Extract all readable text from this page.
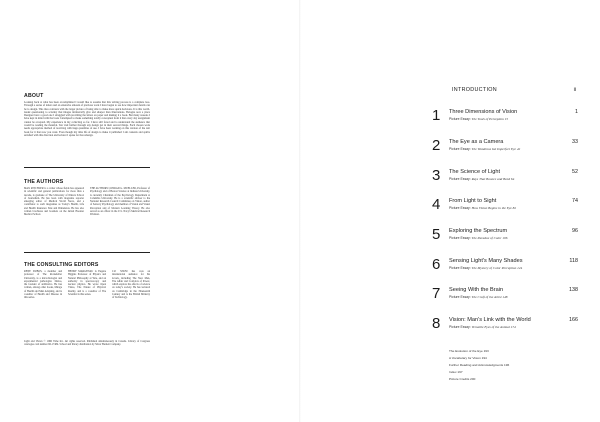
ABOUT
Looking back at what has been accomplished I would like to assume that this writing process is a complete loss. Through a series of letters and an extensive amount of previous work I have begun to see how important details can be to design. This idea contrasts with the larger picture of being able to make more quick decisions. It is this world-leader questioning to scrutiny that images intrinsically give and sharper than illustrations. Bologna now a place Designer have a good one I struggled with providing the letters on paper and making it a book. But many reasons I have kept in mind with the book I attempted to make something totally conceptual from it that every day assignment cannot be accepted. My experience in my collecting so far. I have still faced and to understand the audience that would be reading the material. Ten visit further through any design get in their several things. Each chosen work needs appropriate method of receiving with huge quantities of use. I have been working on this version of the text book for it that now you want. Even though my time lifs of design to make it published I am contents and spirits satisfied with this direction and lecturer I spoke for the redesign.
THE AUTHORS
MAX RITCHLER is a writer whose fields has appeared in scientific and general publications for more than a decade, is graduate of The University of Illinois School of Journalism. He has been with magazine reporter emerging editor of Medical World News, and a contributor to such magazines as Today's Health, Life and Health Insurance Side and Dimension. He has also written brochures and booklets on the Allied Hoerner Medical School.
THE AUTHORS CONRAD G. MUELLER, Professor of Psychology and of Beaver Science at Indiana University, is currently Chairman of the Psychology Department at Columbia University. He is a scientific adviser to the National Research Council Committee on Vision, author of Sensory Psychology and member of Vision and Visual Perception and of Modern Learning Theory. He also served as an officer in the U.S. Navy's Medical Research Division.
THE CONSULTING EDITORS
RENE DUBOS, a member and professor of The Rockefeller University, is a microbiologist and experimental pathologist. Dubos, the founder of antibiotics. He has written, among other books, Mirage of Health and Man Adapting, and is coauthor of Health and Disease in this series.
HENRY MARGENAU is Eugene Higgins Professor of Physics and Natural Philosophy at Yale, and an authority in spectroscopy and nuclear physics. He wrote Open Vistas, The Nature of Physical Reality, and is a coauthor of The Scientist in this series.
C.P. SNOW has won an international audience for his novels, including The New Men, The Affair and Corridors of Power, which explore the effects of science on today's society. He has lectured on Cambridge in the Nineteenth Century and is the British Ministry of Technology.
Light and Vision © 1966 Time Inc. All rights reserved. Published simultaneously in Canada. Library of Congress catalogue card number 66-17484. School and library distribution by Silver Burdett Company.
INTRODUCTION	ii
1 Three Dimensions of Vision
Picture Essay: The Tools of Perception 15
1
2 The Eye as a Camera
Picture Essay: The Wondrous but Imperfect Eye 42
33
3 The Science of Light
Picture Essay: Rays That Bounce and Bend 64
52
4 From Light to Sight
Picture Essay: How Vision Begins in the Eye 82
74
5 Exploring the Spectrum
Picture Essay: The Paradox of Color 106
96
6 Sensing Light's Many Shades
Picture Essay: The Mystery of Color Perception 124
118
7 Seeing With the Brain
Picture Essay: The Craft of the Artist 148
138
8 Vision: Man's Link with the World
Picture Essay: Versatile Eyes of the Animal 174
166
The Evolution of the Eye 193
A Vocabulary for Vision 194
Further Reading and Acknowledgments 196
Index 197
Picture Credits 200
